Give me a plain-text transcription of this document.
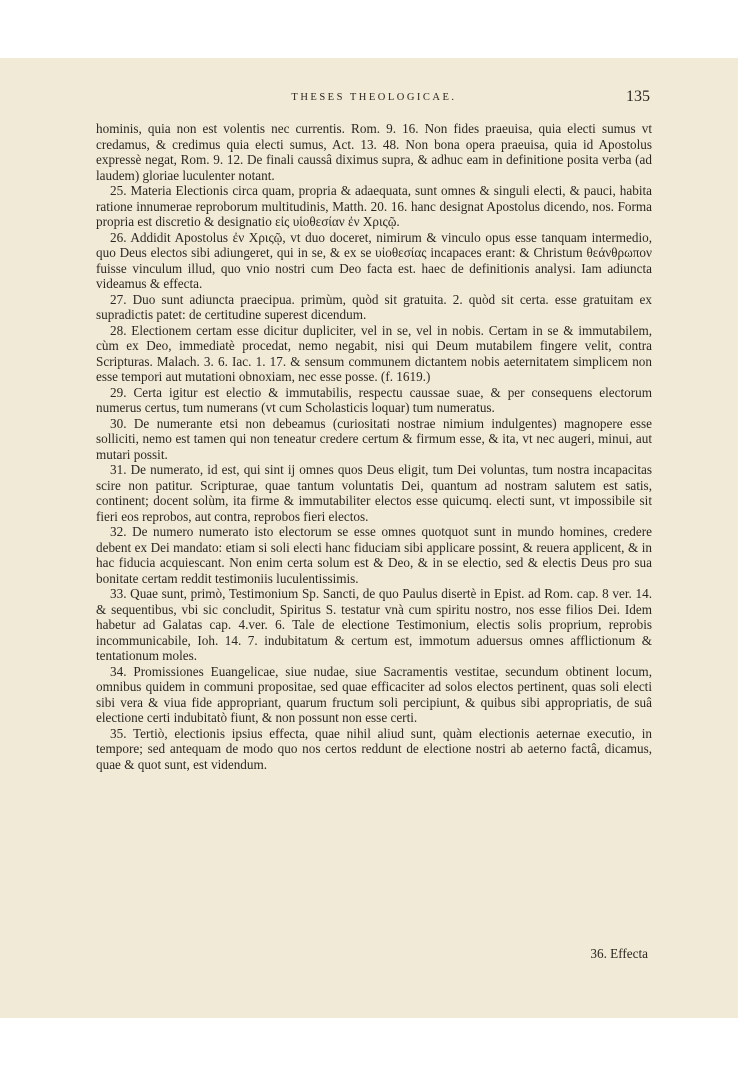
THESES THEOLOGICAE.	135

hominis, quia non est volentis nec currentis. Rom. 9. 16. Non fides praeuisa, quia electi sumus vt credamus, & credimus quia electi sumus, Act. 13. 48. Non bona opera praeuisa, quia id Apostolus expressè negat, Rom. 9. 12. De finali caussâ diximus supra, & adhuc eam in definitione posita verba (ad laudem) gloriae luculenter notant.

25. Materia Electionis circa quam, propria & adaequata, sunt omnes & singuli electi, & pauci, habita ratione innumerae reproborum multitudinis, Matth. 20. 16. hanc designat Apostolus dicendo, nos. Forma propria est discretio & designatio εἰς υἱοθεσίαν ἐν Χριςῷ.

26. Addidit Apostolus ἐν Χριςῷ, vt duo doceret, nimirum & vinculo opus esse tanquam intermedio, quo Deus electos sibi adiungeret, qui in se, & ex se υἱοθεσίας incapaces erant: & Christum θεάνθρωπον fuisse vinculum illud, quo vnio nostri cum Deo facta est. haec de definitionis analysi. Iam adiuncta videamus & effecta.

27. Duo sunt adiuncta praecipua. primùm, quòd sit gratuita. 2. quòd sit certa. esse gratuitam ex supradictis patet: de certitudine superest dicendum.

28. Electionem certam esse dicitur dupliciter, vel in se, vel in nobis. Certam in se & immutabilem, cùm ex Deo, immediatè procedat, nemo negabit, nisi qui Deum mutabilem fingere velit, contra Scripturas. Malach. 3. 6. Iac. 1. 17. & sensum communem dictantem nobis aeternitatem simplicem non esse tempori aut mutationi obnoxiam, nec esse posse. (f. 1619.)

29. Certa igitur est electio & immutabilis, respectu caussae suae, & per consequens electorum numerus certus, tum numerans (vt cum Scholasticis loquar) tum numeratus.

30. De numerante etsi non debeamus (curiositati nostrae nimium indulgentes) magnopere esse solliciti, nemo est tamen qui non teneatur credere certum & firmum esse, & ita, vt nec augeri, minui, aut mutari possit.

31. De numerato, id est, qui sint ij omnes quos Deus eligit, tum Dei voluntas, tum nostra incapacitas scire non patitur. Scripturae, quae tantum voluntatis Dei, quantum ad nostram salutem est satis, continent; docent solùm, ita firme & immutabiliter electos esse quicumq. electi sunt, vt impossibile sit fieri eos reprobos, aut contra, reprobos fieri electos.

32. De numero numerato isto electorum se esse omnes quotquot sunt in mundo homines, credere debent ex Dei mandato: etiam si soli electi hanc fiduciam sibi applicare possint, & reuera applicent, & in hac fiducia acquiescant. Non enim certa solum est & Deo, & in se electio, sed & electis Deus pro sua bonitate certam reddit testimoniis luculentissimis.

33. Quae sunt, primò, Testimonium Sp. Sancti, de quo Paulus disertè in Epist. ad Rom. cap. 8 ver. 14. & sequentibus, vbi sic concludit, Spiritus S. testatur vnà cum spiritu nostro, nos esse filios Dei. Idem habetur ad Galatas cap. 4.ver. 6. Tale de electione Testimonium, electis solis proprium, reprobis incommunicabile, Ioh. 14. 7. indubitatum & certum est, immotum aduersus omnes afflictionum & tentationum moles.

34. Promissiones Euangelicae, siue nudae, siue Sacramentis vestitae, secundum obtinent locum, omnibus quidem in communi propositae, sed quae efficaciter ad solos electos pertinent, quas soli electi sibi vera & viua fide appropriant, quarum fructum soli percipiunt, & quibus sibi appropriatis, de suâ electione certi indubitatò fiunt, & non possunt non esse certi.

35. Tertiò, electionis ipsius effecta, quae nihil aliud sunt, quàm electionis aeternae executio, in tempore; sed antequam de modo quo nos certos reddunt de electione nostri ab aeterno factâ, dicamus, quae & quot sunt, est videndum.

36. Effecta
